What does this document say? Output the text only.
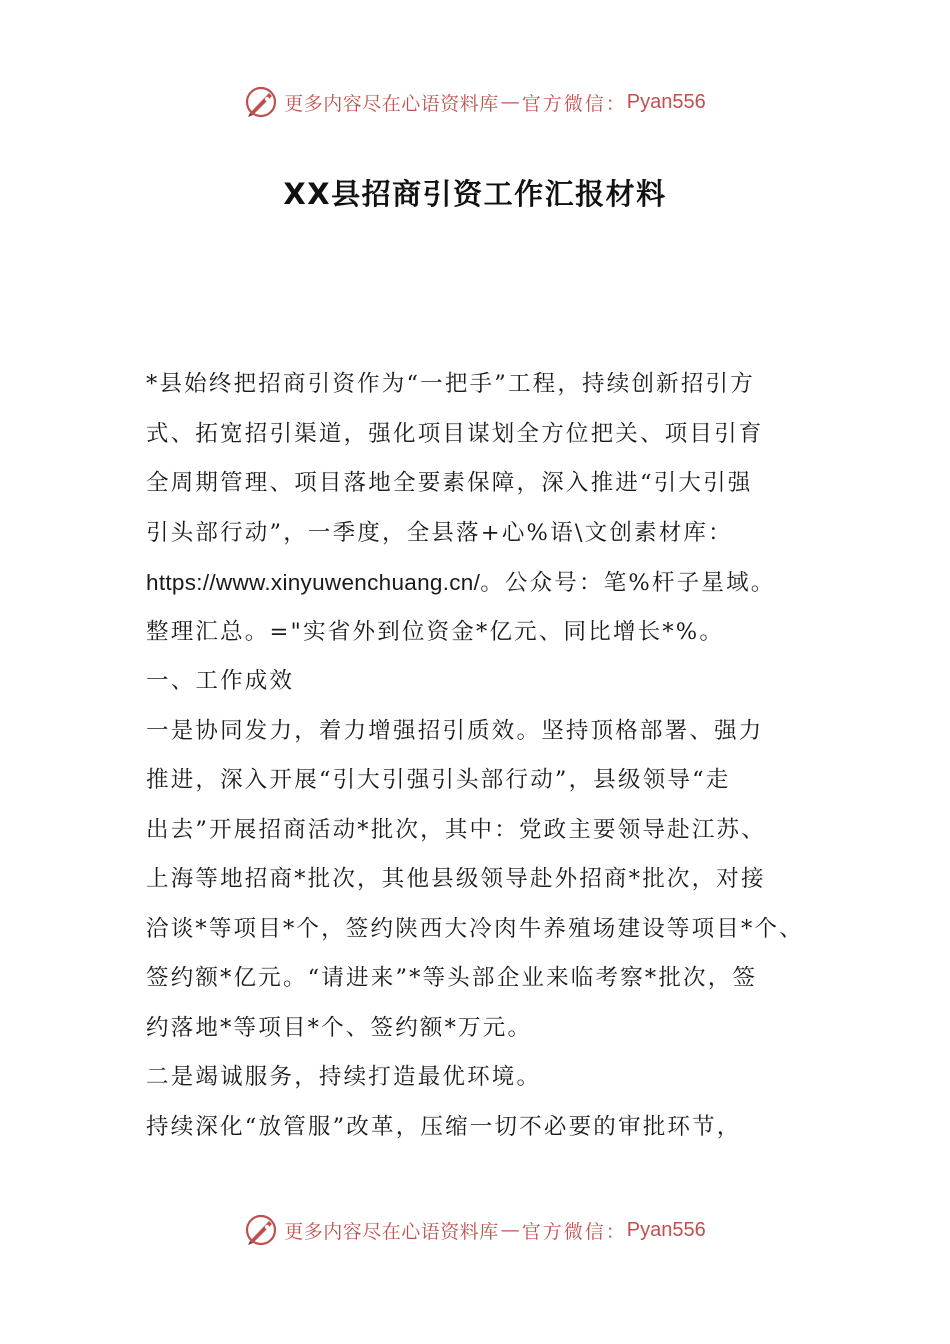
更多内容尽在心语资料库 — 官方微信： Pyan556
XX县招商引资工作汇报材料
*县始终把招商引资作为“一把手”工程，持续创新招引方
式、拓宽招引渠道，强化项目谋划全方位把关、项目引育
全周期管理、项目落地全要素保障，深入推进“引大引强
引头部行动”，一季度，全县落+心%语\文创素材库：
https://www.xinyuwenchuang.cn/。公众号：笔%杆子星域。
整理汇总。="实省外到位资金*亿元、同比增长*%。
一、工作成效
一是协同发力，着力增强招引质效。坚持顶格部署、强力
推进，深入开展“引大引强引头部行动”，县级领导“走
出去”开展招商活动*批次，其中：党政主要领导赴江苏、
上海等地招商*批次，其他县级领导赴外招商*批次，对接
洽谈*等项目*个，签约陕西大冷肉牛养殖场建设等项目*个、
签约额*亿元。“请进来”*等头部企业来临考察*批次，签
约落地*等项目*个、签约额*万元。
二是竭诚服务，持续打造最优环境。
持续深化“放管服”改革，压缩一切不必要的审批环节，
更多内容尽在心语资料库 — 官方微信： Pyan556
